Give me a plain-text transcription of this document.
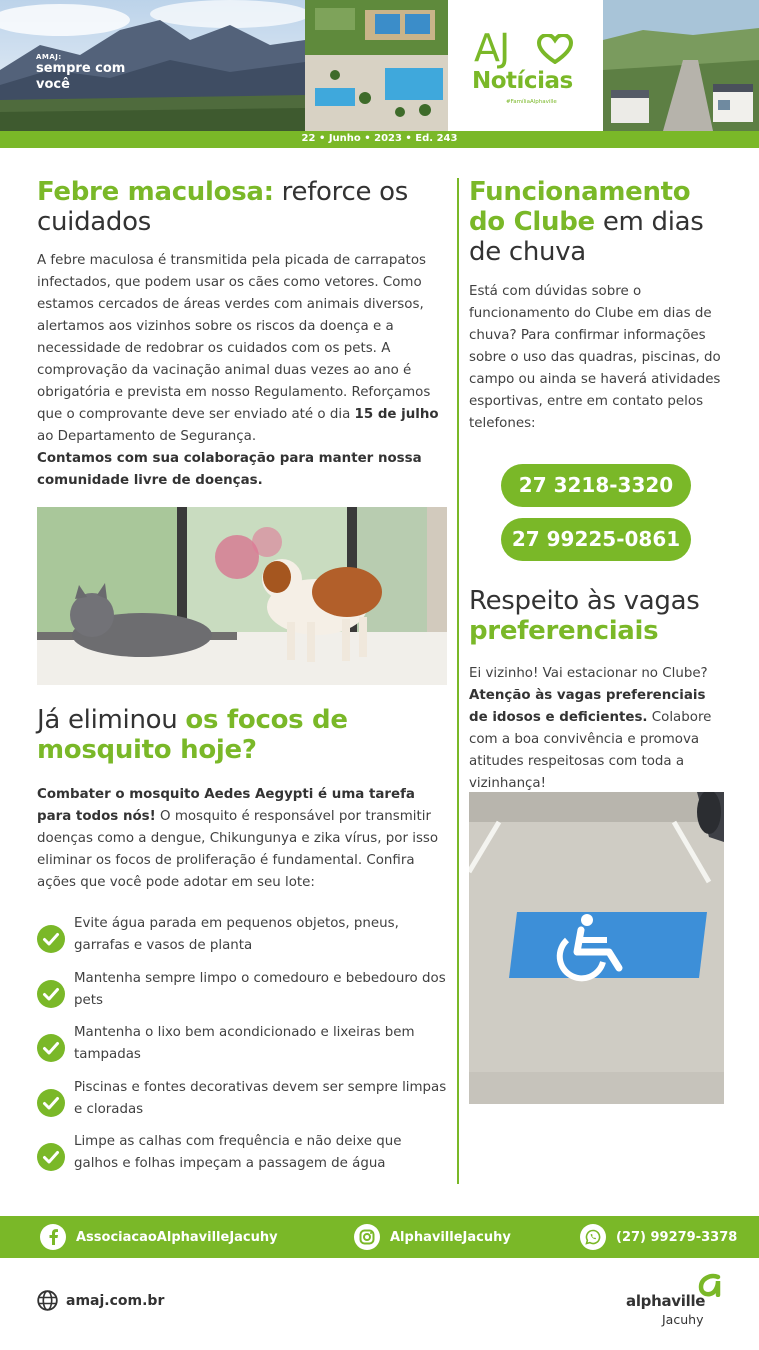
AMAJ:
sempre com você
AJ
Notícias
#FamíliaAlphaville
22 • Junho • 2023 • Ed. 243
Febre maculosa: reforce os cuidados

A febre maculosa é transmitida pela picada de carrapatos infectados, que podem usar os cães como vetores. Como estamos cercados de áreas verdes com animais diversos, alertamos aos vizinhos sobre os riscos da doença e a necessidade de redobrar os cuidados com os pets. A comprovação da vacinação animal duas vezes ao ano é obrigatória e prevista em nosso Regulamento. Reforçamos que o comprovante deve ser enviado até o dia 15 de julho ao Departamento de Segurança.
Contamos com sua colaboração para manter nossa comunidade livre de doenças.

Já eliminou os focos de mosquito hoje?

Combater o mosquito Aedes Aegypti é uma tarefa para todos nós! O mosquito é responsável por transmitir doenças como a dengue, Chikungunya e zika vírus, por isso eliminar os focos de proliferação é fundamental. Confira ações que você pode adotar em seu lote:

Evite água parada em pequenos objetos, pneus, garrafas e vasos de planta
Mantenha sempre limpo o comedouro e bebedouro dos pets
Mantenha o lixo bem acondicionado e lixeiras bem tampadas
Piscinas e fontes decorativas devem ser sempre limpas e cloradas
Limpe as calhas com frequência e não deixe que galhos e folhas impeçam a passagem de água
Funcionamento do Clube em dias de chuva

Está com dúvidas sobre o funcionamento do Clube em dias de chuva? Para confirmar informações sobre o uso das quadras, piscinas, do campo ou ainda se haverá atividades esportivas, entre em contato pelos telefones:

27 3218-3320
27 99225-0861
Respeito às vagas preferenciais

Ei vizinho! Vai estacionar no Clube? Atenção às vagas preferenciais de idosos e deficientes. Colabore com a boa convivência e promova atitudes respeitosas com toda a vizinhança!

AssociacaoAlphavilleJacuhy	AlphavilleJacuhy	(27) 99279-3378
amaj.com.br	alphaville
Jacuhy
